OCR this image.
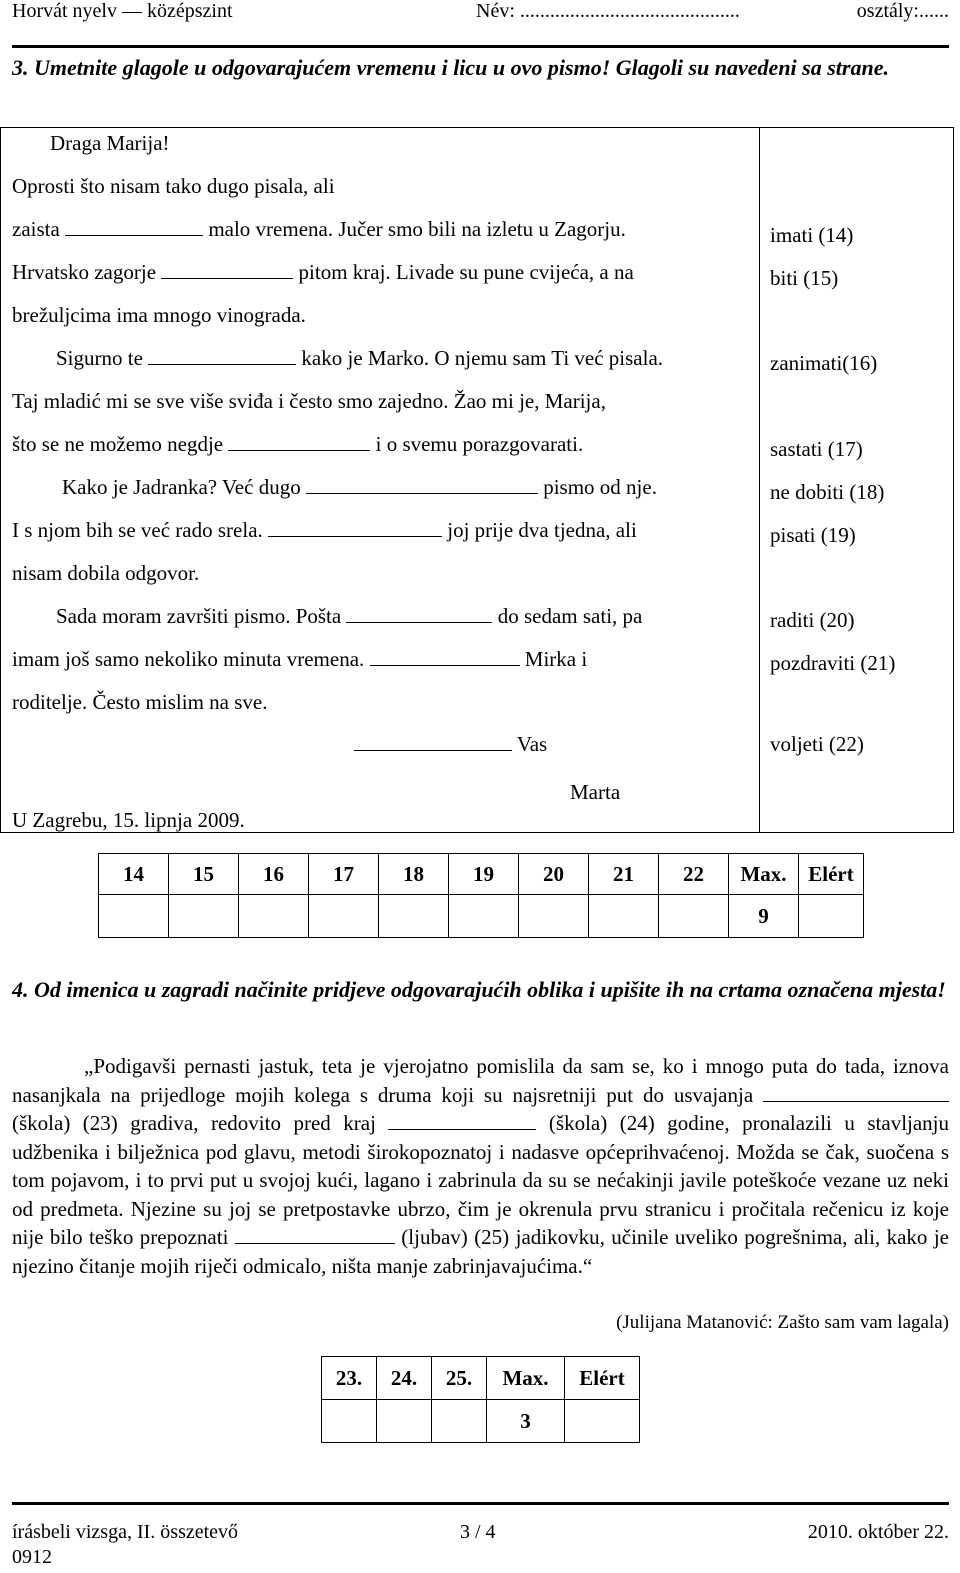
Horvát nyelv — középszint	Név: ............................................	osztály:......
3. Umetnite glagole u odgovarajućem vremenu i licu u ovo pismo! Glagoli su navedeni sa strane.
Draga Marija!
Oprosti što nisam tako dugo pisala, ali
zaista	malo vremena. Jučer smo bili na izletu u Zagorju.
Hrvatsko zagorje	pitom kraj. Livade su pune cvijeća, a na
brežuljcima ima mnogo vinograda.
Sigurno te	kako je Marko. O njemu sam Ti već pisala.
Taj mladić mi se sve više sviđa i često smo zajedno. Žao mi je, Marija,
što se ne možemo negdje	i o svemu porazgovarati.
Kako je Jadranka? Već dugo	pismo od nje.
I s njom bih se već rado srela.	joj prije dva tjedna, ali
nisam dobila odgovor.
Sada moram završiti pismo. Pošta	do sedam sati, pa
imam još samo nekoliko minuta vremena.	Mirka i
roditelje. Često mislim na sve.
Vas
Marta
U Zagrebu, 15. lipnja 2009.
imati (14)
biti (15)
zanimati(16)
sastati (17)
ne dobiti (18)
pisati (19)
raditi (20)
pozdraviti (21)
voljeti (22)
14	15	16	17	18	19	20	21	22	Max.	Elért
									9	
4. Od imenica u zagradi načinite pridjeve odgovarajućih oblika i upišite ih na crtama označena mjesta!
„Podigavši pernasti jastuk, teta je vjerojatno pomislila da sam se, ko i mnogo puta do tada, iznova nasanjkala na prijedloge mojih kolega s druma koji su najsretniji put do usvajanja  (škola) (23) gradiva, redovito pred kraj	(škola) (24) godine, pronalazili u stavljanju udžbenika i bilježnica pod glavu, metodi širokopoznatoj i nadasve općeprihvaćenoj. Možda se čak, suočena s tom pojavom, i to prvi put u svojoj kući, lagano i zabrinula da su se nećakinji javile poteškoće vezane uz neki od predmeta. Njezine su joj se pretpostavke ubrzo, čim je okrenula prvu stranicu i pročitala rečenicu iz koje nije bilo teško prepoznati	(ljubav) (25) jadikovku, učinile uveliko pogrešnima, ali, kako je njezino čitanje mojih riječi odmicalo, ništa manje zabrinjavajućima.“
(Julijana Matanović: Zašto sam vam lagala)
23.	24.	25.	Max.	Elért
			3	
írásbeli vizsga, II. összetevő
0912
3 / 4	2010. október 22.
